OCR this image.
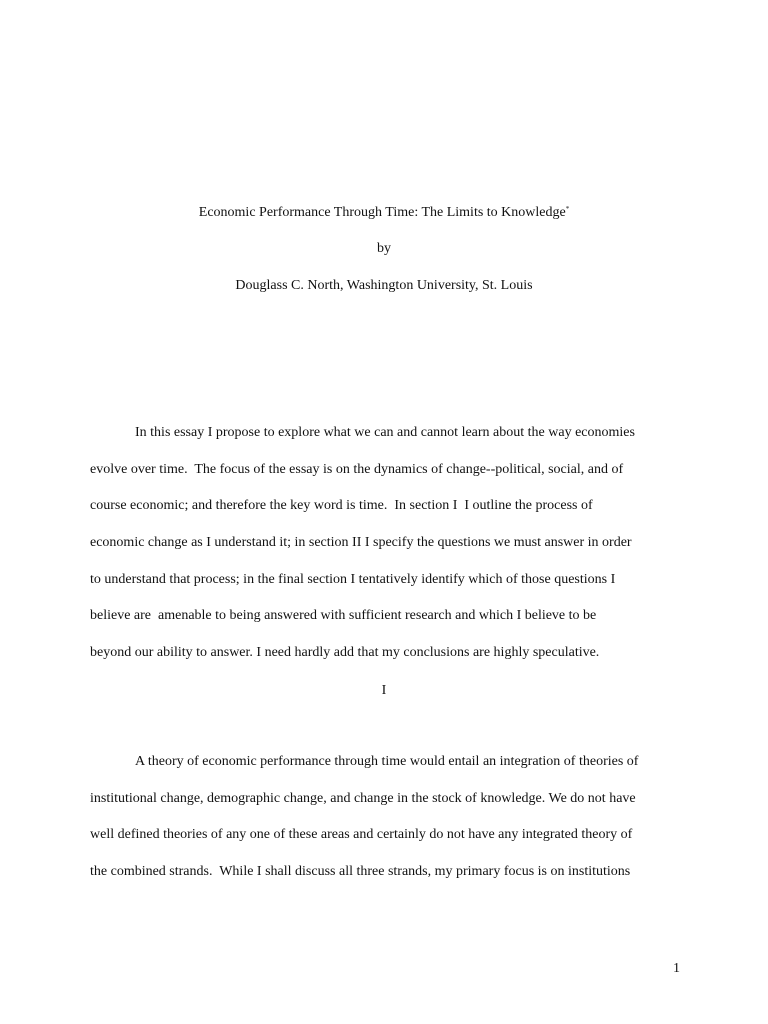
Economic Performance Through Time: The Limits to Knowledge*
by
Douglass C. North, Washington University, St. Louis
In this essay I propose to explore what we can and cannot learn about the way economies
evolve over time.  The focus of the essay is on the dynamics of change--political, social, and of
course economic; and therefore the key word is time.  In section I  I outline the process of
economic change as I understand it; in section II I specify the questions we must answer in order
to understand that process; in the final section I tentatively identify which of those questions I
believe are  amenable to being answered with sufficient research and which I believe to be
beyond our ability to answer. I need hardly add that my conclusions are highly speculative.
I
A theory of economic performance through time would entail an integration of theories of
institutional change, demographic change, and change in the stock of knowledge. We do not have
well defined theories of any one of these areas and certainly do not have any integrated theory of
the combined strands.  While I shall discuss all three strands, my primary focus is on institutions
1
